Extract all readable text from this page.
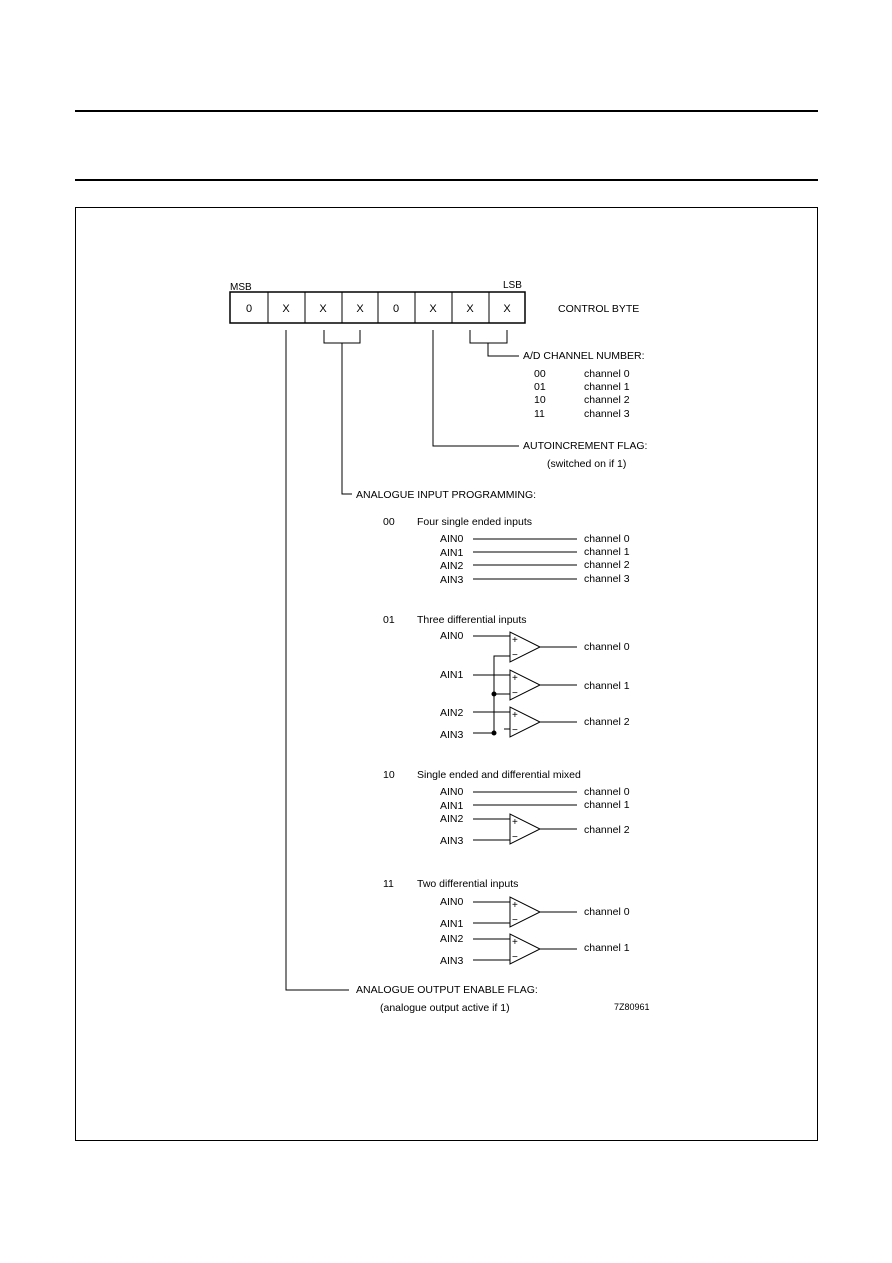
MSB	LSB
0	X	X	X	0	X	X	X	CONTROL BYTE
A/D CHANNEL NUMBER:
00	channel 0
01	channel 1
10	channel 2
11	channel 3
AUTOINCREMENT FLAG:
(switched on if 1)
ANALOGUE INPUT PROGRAMMING:
00 Four single ended inputs
AIN0
AIN1
AIN2
AIN3
channel 0
channel 1
channel 2
channel 3
01 Three differential inputs
AIN0
AIN1
AIN2
AIN3
channel 0
channel 1
channel 2
+
−
+
−
+
−
10 Single ended and differential mixed
AIN0
AIN1
AIN2
AIN3
channel 0
channel 1
channel 2
+
−
11 Two differential inputs
AIN0
AIN1
AIN2
AIN3
channel 0
channel 1
+
−
+
−
ANALOGUE OUTPUT ENABLE FLAG:
(analogue output active if 1)	7Z80961
